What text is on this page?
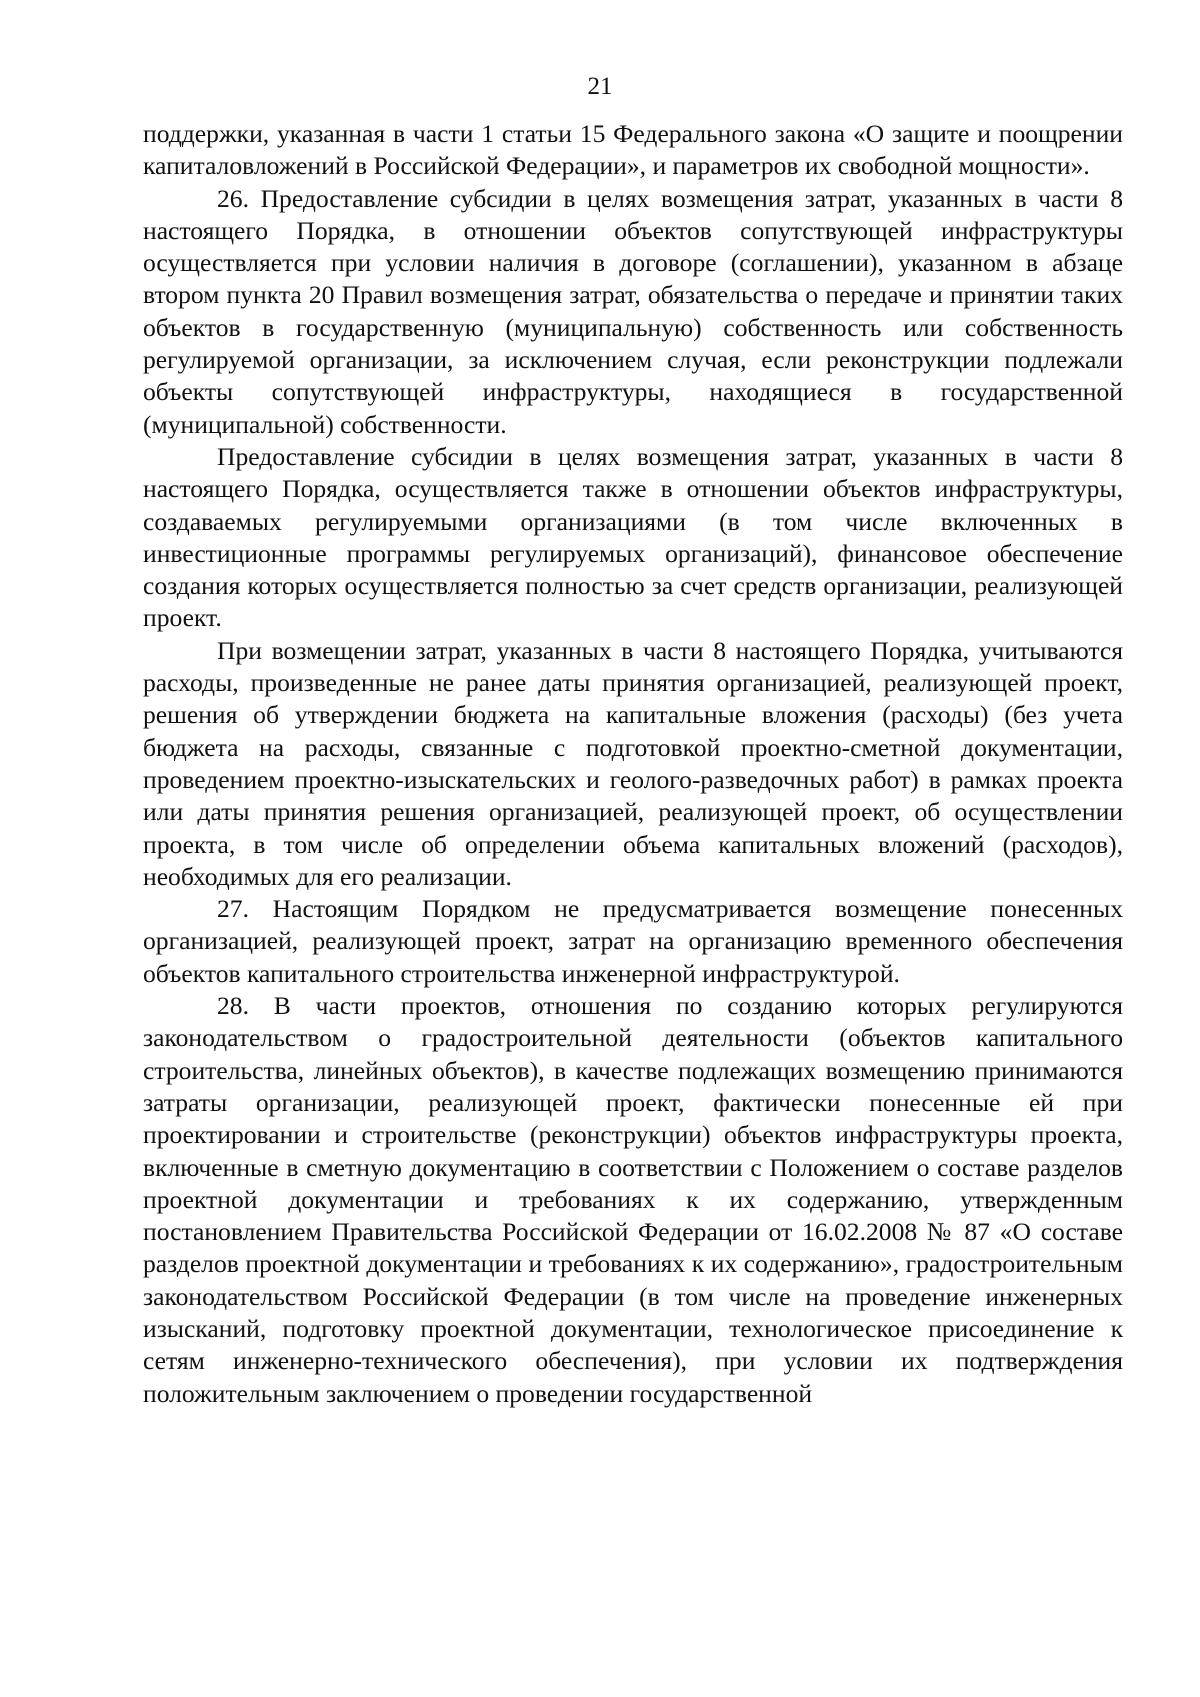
21

поддержки, указанная в части 1 статьи 15 Федерального закона «О защите и поощрении капиталовложений в Российской Федерации», и параметров их свободной мощности».

26. Предоставление субсидии в целях возмещения затрат, указанных в части 8 настоящего Порядка, в отношении объектов сопутствующей инфраструктуры осуществляется при условии наличия в договоре (соглашении), указанном в абзаце втором пункта 20 Правил возмещения затрат, обязательства о передаче и принятии таких объектов в государственную (муниципальную) собственность или собственность регулируемой организации, за исключением случая, если реконструкции подлежали объекты сопутствующей инфраструктуры, находящиеся в государственной (муниципальной) собственности.

Предоставление субсидии в целях возмещения затрат, указанных в части 8 настоящего Порядка, осуществляется также в отношении объектов инфраструктуры, создаваемых регулируемыми организациями (в том числе включенных в инвестиционные программы регулируемых организаций), финансовое обеспечение создания которых осуществляется полностью за счет средств организации, реализующей проект.

При возмещении затрат, указанных в части 8 настоящего Порядка, учитываются расходы, произведенные не ранее даты принятия организацией, реализующей проект, решения об утверждении бюджета на капитальные вложения (расходы) (без учета бюджета на расходы, связанные с подготовкой проектно-сметной документации, проведением проектно-изыскательских и геолого-разведочных работ) в рамках проекта или даты принятия решения организацией, реализующей проект, об осуществлении проекта, в том числе об определении объема капитальных вложений (расходов), необходимых для его реализации.

27. Настоящим Порядком не предусматривается возмещение понесенных организацией, реализующей проект, затрат на организацию временного обеспечения объектов капитального строительства инженерной инфраструктурой.

28. В части проектов, отношения по созданию которых регулируются законодательством о градостроительной деятельности (объектов капитального строительства, линейных объектов), в качестве подлежащих возмещению принимаются затраты организации, реализующей проект, фактически понесенные ей при проектировании и строительстве (реконструкции) объектов инфраструктуры проекта, включенные в сметную документацию в соответствии с Положением о составе разделов проектной документации и требованиях к их содержанию, утвержденным постановлением Правительства Российской Федерации от 16.02.2008 № 87 «О составе разделов проектной документации и требованиях к их содержанию», градостроительным законодательством Российской Федерации (в том числе на проведение инженерных изысканий, подготовку проектной документации, технологическое присоединение к сетям инженерно-технического обеспечения), при условии их подтверждения положительным заключением о проведении государственной
